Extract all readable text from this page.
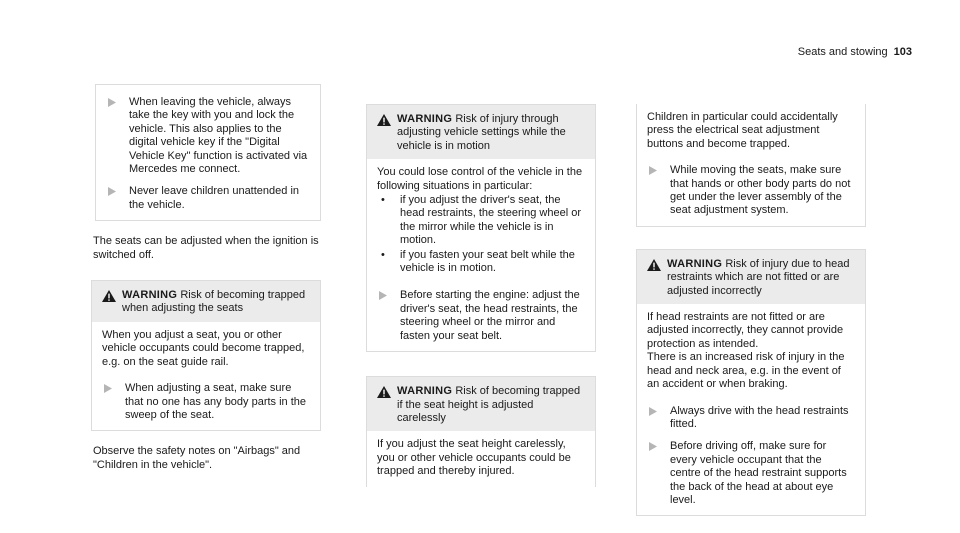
Seats and stowing 103
When leaving the vehicle, always take the key with you and lock the vehicle. This also applies to the digital vehicle key if the "Digital Vehicle Key" function is activated via Mercedes me connect.
Never leave children unattended in the vehicle.
The seats can be adjusted when the ignition is switched off.
WARNING Risk of becoming trapped when adjusting the seats
When you adjust a seat, you or other vehicle occupants could become trapped, e.g. on the seat guide rail.
When adjusting a seat, make sure that no one has any body parts in the sweep of the seat.
Observe the safety notes on "Airbags" and "Children in the vehicle".
WARNING Risk of injury through adjusting vehicle settings while the vehicle is in motion
You could lose control of the vehicle in the following situations in particular:
•	if you adjust the driver's seat, the head restraints, the steering wheel or the mirror while the vehicle is in motion.
•	if you fasten your seat belt while the vehicle is in motion.
Before starting the engine: adjust the driver's seat, the head restraints, the steering wheel or the mirror and fasten your seat belt.
WARNING Risk of becoming trapped if the seat height is adjusted carelessly
If you adjust the seat height carelessly, you or other vehicle occupants could be trapped and thereby injured.
Children in particular could accidentally press the electrical seat adjustment buttons and become trapped.
While moving the seats, make sure that hands or other body parts do not get under the lever assembly of the seat adjustment system.
WARNING Risk of injury due to head restraints which are not fitted or are adjusted incorrectly
If head restraints are not fitted or are adjusted incorrectly, they cannot provide protection as intended.
There is an increased risk of injury in the head and neck area, e.g. in the event of an accident or when braking.
Always drive with the head restraints fitted.
Before driving off, make sure for every vehicle occupant that the centre of the head restraint supports the back of the head at about eye level.
